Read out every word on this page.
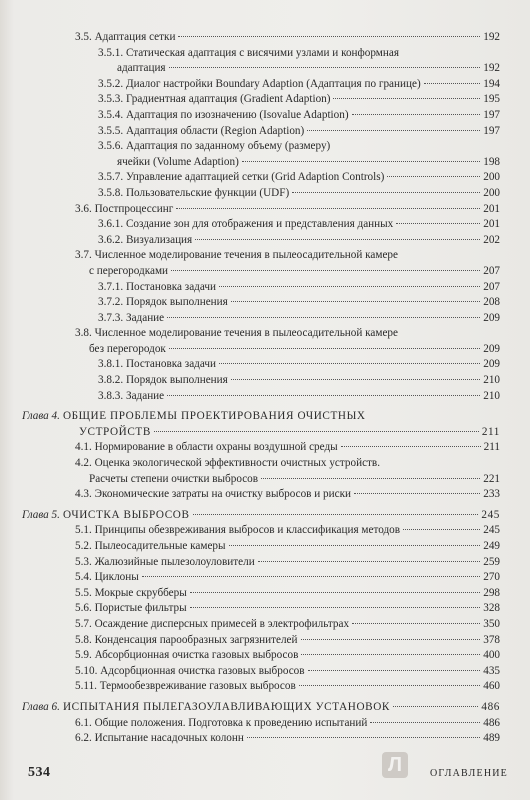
3.5. Адаптация сетки	192
3.5.1. Статическая адаптация с висячими узлами и конформная
адаптация	192
3.5.2. Диалог настройки Boundary Adaption (Адаптация по границе)	194
3.5.3. Градиентная адаптация (Gradient Adaption)	195
3.5.4. Адаптация по изозначению (Isovalue Adaption)	197
3.5.5. Адаптация области (Region Adaption)	197
3.5.6. Адаптация по заданному объему (размеру)
ячейки (Volume Adaption)	198
3.5.7. Управление адаптацией сетки (Grid Adaption Controls)	200
3.5.8. Пользовательские функции (UDF)	200
3.6. Постпроцессинг	201
3.6.1. Создание зон для отображения и представления данных	201
3.6.2. Визуализация	202
3.7. Численное моделирование течения в пылеосадительной камере
с перегородками	207
3.7.1. Постановка задачи	207
3.7.2. Порядок выполнения	208
3.7.3. Задание	209
3.8. Численное моделирование течения в пылеосадительной камере
без перегородок	209
3.8.1. Постановка задачи	209
3.8.2. Порядок выполнения	210
3.8.3. Задание	210
Глава 4. ОБЩИЕ ПРОБЛЕМЫ ПРОЕКТИРОВАНИЯ ОЧИСТНЫХ
УСТРОЙСТВ	211
4.1. Нормирование в области охраны воздушной среды	211
4.2. Оценка экологической эффективности очистных устройств.
Расчеты степени очистки выбросов	221
4.3. Экономические затраты на очистку выбросов и риски	233
Глава 5. ОЧИСТКА ВЫБРОСОВ	245
5.1. Принципы обезвреживания выбросов и классификация методов	245
5.2. Пылеосадительные камеры	249
5.3. Жалюзийные пылезолоуловители	259
5.4. Циклоны	270
5.5. Мокрые скрубберы	298
5.6. Пористые фильтры	328
5.7. Осаждение дисперсных примесей в электрофильтрах	350
5.8. Конденсация парообразных загрязнителей	378
5.9. Абсорбционная очистка газовых выбросов	400
5.10. Адсорбционная очистка газовых выбросов	435
5.11. Термообезвреживание газовых выбросов	460
Глава 6. ИСПЫТАНИЯ ПЫЛЕГАЗОУЛАВЛИВАЮЩИХ УСТАНОВОК	486
6.1. Общие положения. Подготовка к проведению испытаний	486
6.2. Испытание насадочных колонн	489
534	ОГЛАВЛЕНИЕ
Л
